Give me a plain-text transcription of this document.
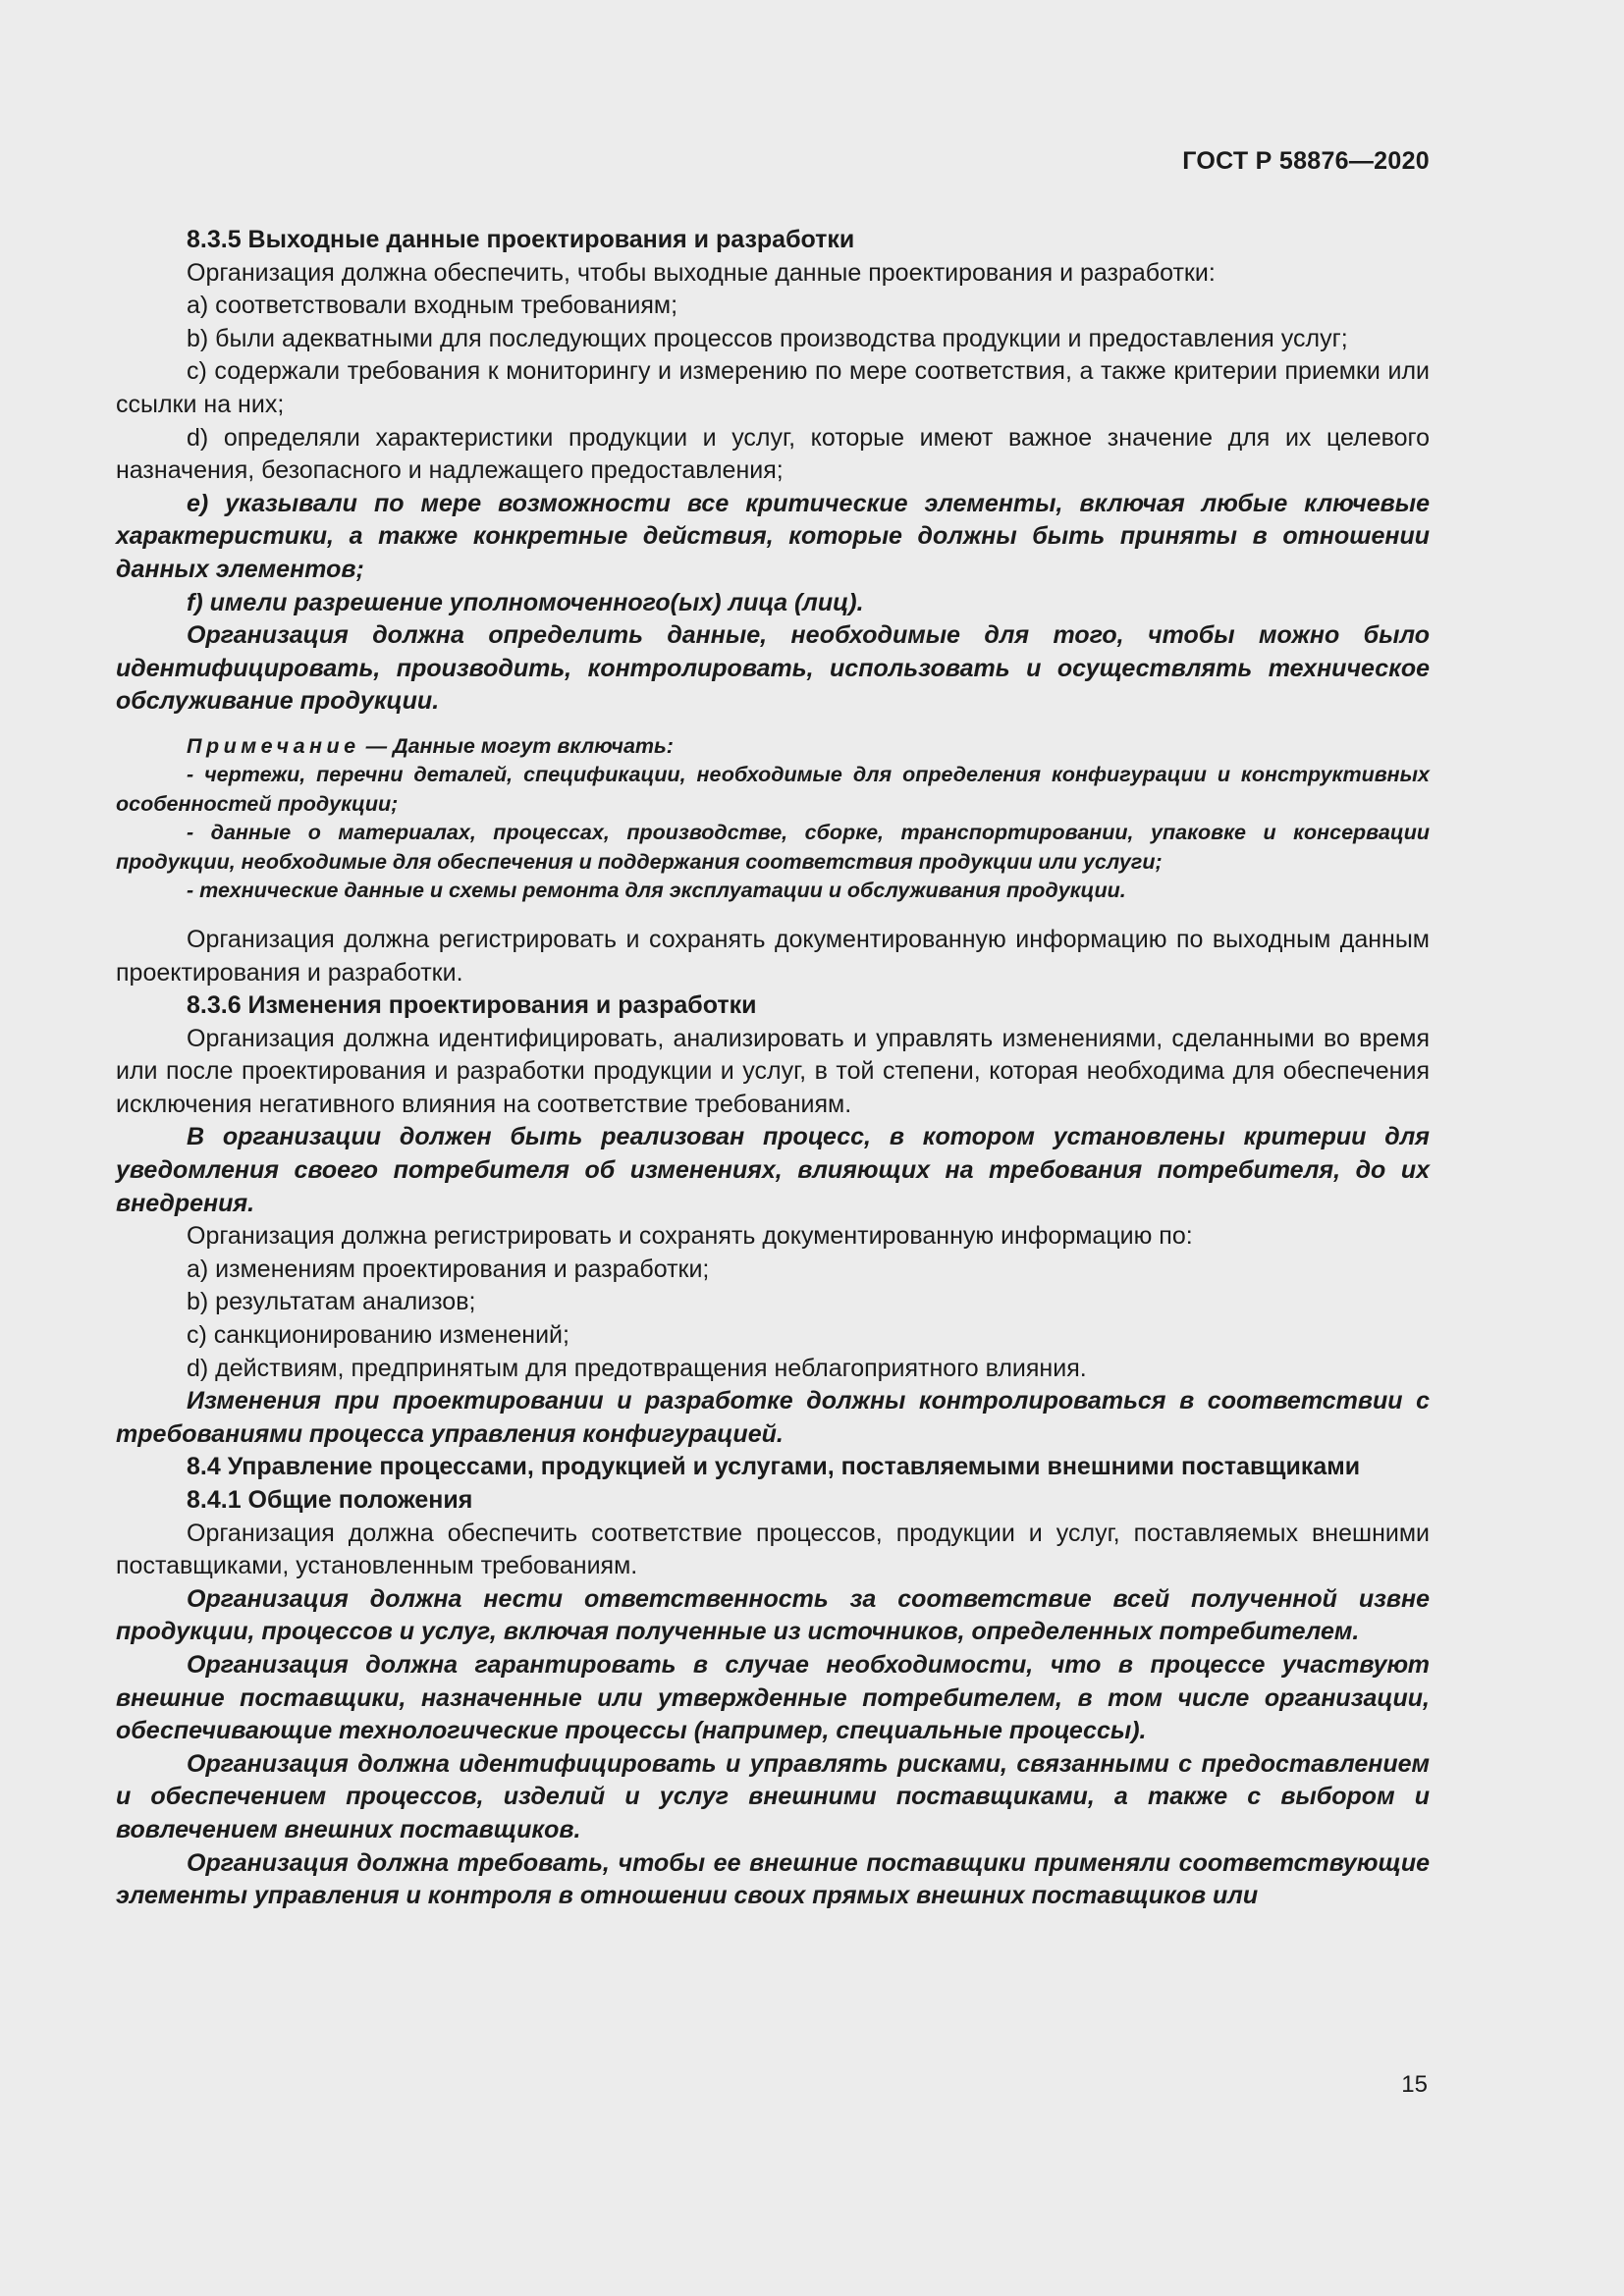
ГОСТ Р 58876—2020

8.3.5 Выходные данные проектирования и разработки

Организация должна обеспечить, чтобы выходные данные проектирования и разработки:

a) соответствовали входным требованиям;

b) были адекватными для последующих процессов производства продукции и предоставления услуг;

c) содержали требования к мониторингу и измерению по мере соответствия, а также критерии приемки или ссылки на них;

d) определяли характеристики продукции и услуг, которые имеют важное значение для их целевого назначения, безопасного и надлежащего предоставления;

e) указывали по мере возможности все критические элементы, включая любые ключевые характеристики, а также конкретные действия, которые должны быть приняты в отношении данных элементов;

f) имели разрешение уполномоченного(ых) лица (лиц).

Организация должна определить данные, необходимые для того, чтобы можно было идентифицировать, производить, контролировать, использовать и осуществлять техническое обслуживание продукции.

Примечание — Данные могут включать:

- чертежи, перечни деталей, спецификации, необходимые для определения конфигурации и конструктивных особенностей продукции;

- данные о материалах, процессах, производстве, сборке, транспортировании, упаковке и консервации продукции, необходимые для обеспечения и поддержания соответствия продукции или услуги;

- технические данные и схемы ремонта для эксплуатации и обслуживания продукции.

Организация должна регистрировать и сохранять документированную информацию по выходным данным проектирования и разработки.

8.3.6 Изменения проектирования и разработки

Организация должна идентифицировать, анализировать и управлять изменениями, сделанными во время или после проектирования и разработки продукции и услуг, в той степени, которая необходима для обеспечения исключения негативного влияния на соответствие требованиям.

В организации должен быть реализован процесс, в котором установлены критерии для уведомления своего потребителя об изменениях, влияющих на требования потребителя, до их внедрения.

Организация должна регистрировать и сохранять документированную информацию по:

a) изменениям проектирования и разработки;

b) результатам анализов;

c) санкционированию изменений;

d) действиям, предпринятым для предотвращения неблагоприятного влияния.

Изменения при проектировании и разработке должны контролироваться в соответствии с требованиями процесса управления конфигурацией.

8.4 Управление процессами, продукцией и услугами, поставляемыми внешними поставщиками

8.4.1 Общие положения

Организация должна обеспечить соответствие процессов, продукции и услуг, поставляемых внешними поставщиками, установленным требованиям.

Организация должна нести ответственность за соответствие всей полученной извне продукции, процессов и услуг, включая полученные из источников, определенных потребителем.

Организация должна гарантировать в случае необходимости, что в процессе участвуют внешние поставщики, назначенные или утвержденные потребителем, в том числе организации, обеспечивающие технологические процессы (например, специальные процессы).

Организация должна идентифицировать и управлять рисками, связанными с предоставлением и обеспечением процессов, изделий и услуг внешними поставщиками, а также с выбором и вовлечением внешних поставщиков.

Организация должна требовать, чтобы ее внешние поставщики применяли соответствующие элементы управления и контроля в отношении своих прямых внешних поставщиков или

15
